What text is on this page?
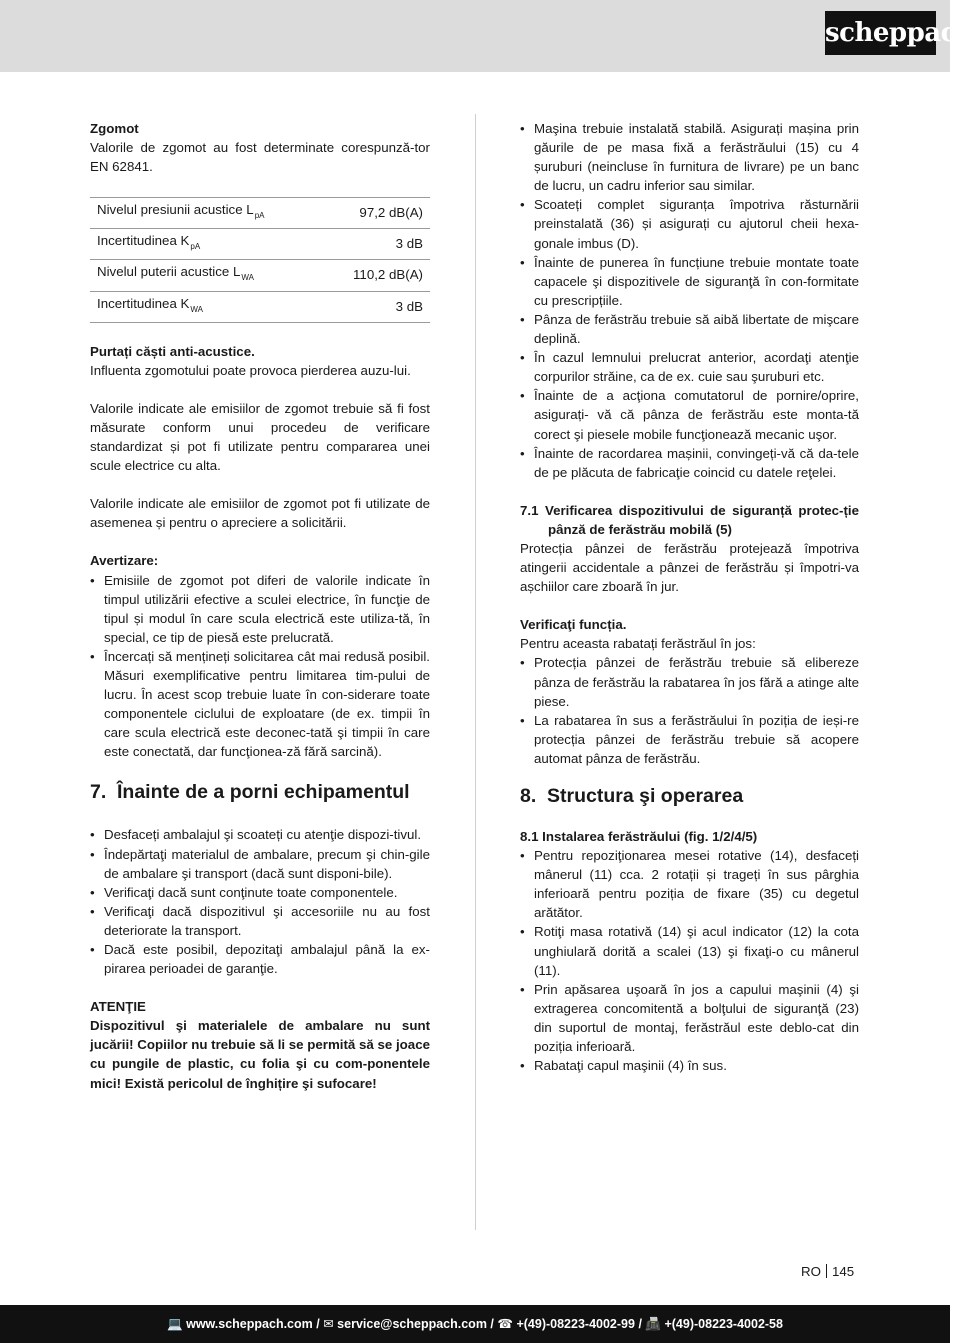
scheppach

Zgomot

Valorile de zgomot au fost determinate corespunză-tor EN 62841.

Nivelul presiunii acustice $L_{pA}$	97,2 dB(A)
Incertitudinea $K_{pA}$	3 dB
Nivelul puterii acustice $L_{WA}$	110,2 dB(A)
Incertitudinea $K_{WA}$	3 dB

Purtați căști anti-acustice.

Influenta zgomotului poate provoca pierderea auzu-lui.

Valorile indicate ale emisiilor de zgomot trebuie să fi fost măsurate conform unui procedeu de verificare standardizat și pot fi utilizate pentru compararea unei scule electrice cu alta.

Valorile indicate ale emisiilor de zgomot pot fi utilizate de asemenea și pentru o apreciere a solicitării.

Avertizare:

• Emisiile de zgomot pot diferi de valorile indicate în timpul utilizării efective a sculei electrice, în funcţie de tipul și modul în care scula electrică este utiliza-tă, în special, ce tip de piesă este prelucrată.
• Încercați să mențineți solicitarea cât mai redusă posibil. Măsuri exemplificative pentru limitarea tim-pului de lucru. În acest scop trebuie luate în con-siderare toate componentele ciclului de exploatare (de ex. timpii în care scula electrică este deconec-tată şi timpii în care este conectată, dar funcţionea-ză fără sarcină).
7. Înainte de a porni echipamentul
• Desfaceți ambalajul şi scoateți cu atenţie dispozi-tivul.
• Îndepărtaţi materialul de ambalare, precum şi chin-gile de ambalare şi transport (dacă sunt disponi-bile).
• Verificaţi dacă sunt conţinute toate componentele.
• Verificaţi dacă dispozitivul şi accesoriile nu au fost deteriorate la transport.
• Dacă este posibil, depozitaţi ambalajul până la ex-pirarea perioadei de garanţie.

ATENŢIE

Dispozitivul şi materialele de ambalare nu sunt jucării! Copiilor nu trebuie să li se permită să se joace cu pungile de plastic, cu folia şi cu com-ponentele mici! Există pericolul de înghițire şi sufocare!

• Maşina trebuie instalată stabilă. Asigurați mașina prin găurile de pe masa fixă a ferăstrăului (15) cu 4 șuruburi (neincluse în furnitura de livrare) pe un banc de lucru, un cadru inferior sau similar.
• Scoateți complet siguranța împotriva răsturnării preinstalată (36) și asigurați cu ajutorul cheii hexa-gonale imbus (D).
• Înainte de punerea în funcțiune trebuie montate toate capacele şi dispozitivele de siguranţă în con-formitate cu prescripțiile.
• Pânza de ferăstrău trebuie să aibă libertate de mişcare deplină.
• În cazul lemnului prelucrat anterior, acordaţi atenţie corpurilor străine, ca de ex. cuie sau şuruburi etc.
• Înainte de a acţiona comutatorul de pornire/oprire, asigurați- vă că pânza de ferăstrău este monta-tă corect şi piesele mobile funcţionează mecanic uşor.
• Înainte de racordarea mașinii, convingeți-vă că da-tele de pe plăcuta de fabricaţie coincid cu datele reţelei.

7.1 Verificarea dispozitivului de siguranță protec-ție pânză de ferăstrău mobilă (5)

Protecția pânzei de ferăstrău protejează împotriva atingerii accidentale a pânzei de ferăstrău și împotri-va așchiilor care zboară în jur.

Verificaţi funcția.

Pentru aceasta rabatați ferăstrăul în jos:

• Protecția pânzei de ferăstrău trebuie să elibereze pânza de ferăstrău la rabatarea în jos fără a atinge alte piese.
• La rabatarea în sus a ferăstrăului în poziția de ieși-re protecția pânzei de ferăstrău trebuie să acopere automat pânza de ferăstrău.
8. Structura şi operarea

8.1 Instalarea ferăstrăului (fig. 1/2/4/5)

• Pentru repoziţionarea mesei rotative (14), desfaceți mânerul (11) cca. 2 rotații și trageți în sus pârghia inferioară pentru poziția de fixare (35) cu degetul arătător.
• Rotiţi masa rotativă (14) şi acul indicator (12) la cota unghiulară dorită a scalei (13) şi fixaţi-o cu mânerul (11).
• Prin apăsarea uşoară în jos a capului maşinii (4) şi extragerea concomitentă a bolţului de siguranţă (23) din suportul de montaj, ferăstrăul este deblo-cat din poziția inferioară.
• Rabataţi capul maşinii (4) în sus.
RO 145
💻 www.scheppach.com / ✉ service@scheppach.com / ☎ +(49)-08223-4002-99 / 📠 +(49)-08223-4002-58
